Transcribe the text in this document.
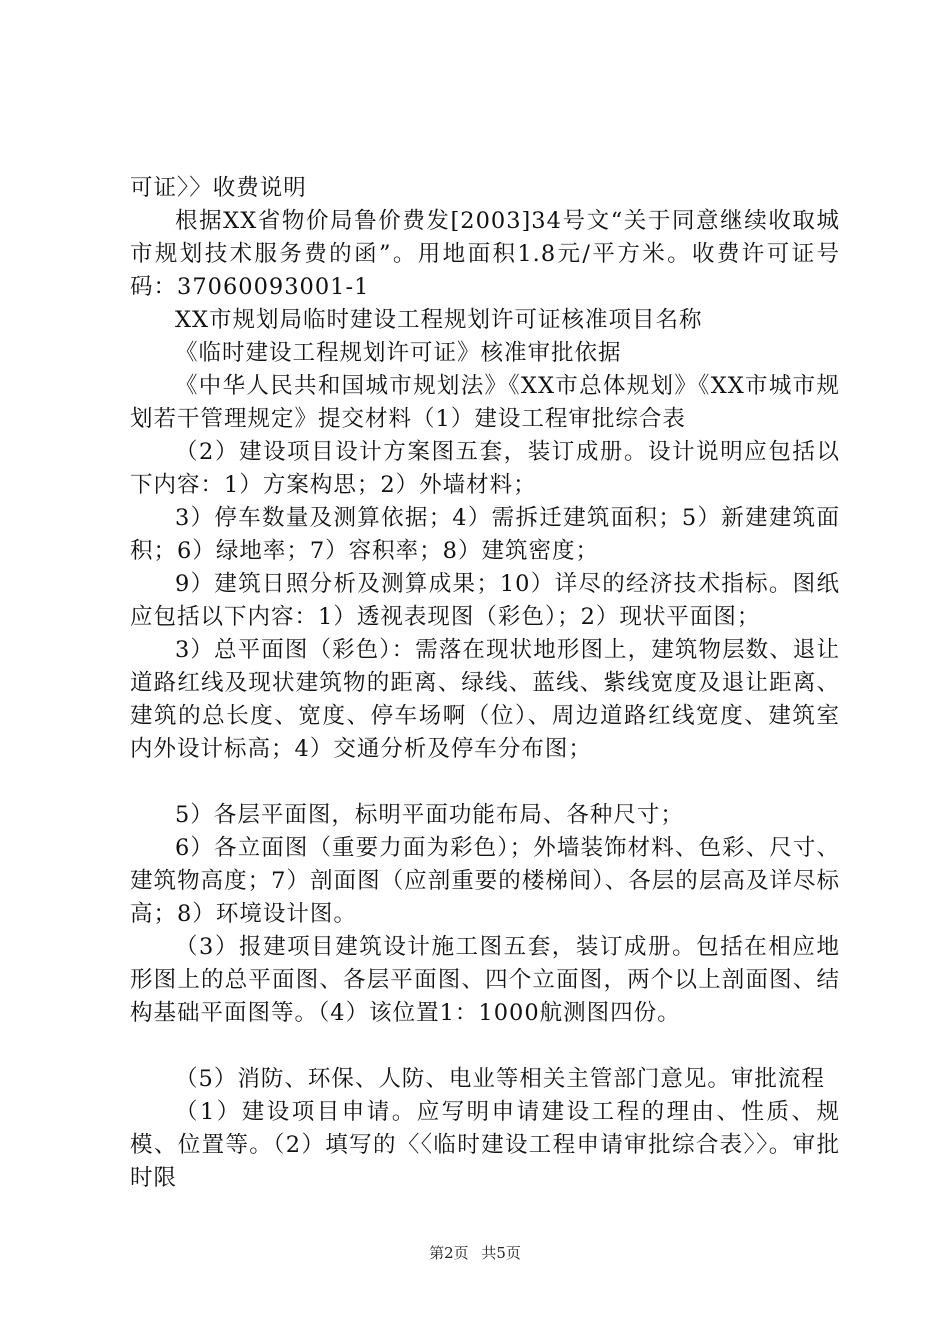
可证〉〉收费说明

根据XX省物价局鲁价费发[2003]34号文“关于同意继续收取城市规划技术服务费的函”。用地面积1.8元/平方米。收费许可证号码：37060093001-1

XX市规划局临时建设工程规划许可证核准项目名称

《临时建设工程规划许可证》核准审批依据

《中华人民共和国城市规划法》《XX市总体规划》《XX市城市规划若干管理规定》提交材料（1）建设工程审批综合表

（2）建设项目设计方案图五套，装订成册。设计说明应包括以下内容：1）方案构思；2）外墙材料；

3）停车数量及测算依据；4）需拆迁建筑面积；5）新建建筑面积；6）绿地率；7）容积率；8）建筑密度；

9）建筑日照分析及测算成果；10）详尽的经济技术指标。图纸应包括以下内容：1）透视表现图（彩色）；2）现状平面图；

3）总平面图（彩色）：需落在现状地形图上，建筑物层数、退让道路红线及现状建筑物的距离、绿线、蓝线、紫线宽度及退让距离、建筑的总长度、宽度、停车场啊（位）、周边道路红线宽度、建筑室内外设计标高；4）交通分析及停车分布图；

5）各层平面图，标明平面功能布局、各种尺寸；

6）各立面图（重要力面为彩色）；外墙装饰材料、色彩、尺寸、建筑物高度；7）剖面图（应剖重要的楼梯间）、各层的层高及详尽标高；8）环境设计图。

（3）报建项目建筑设计施工图五套，装订成册。包括在相应地形图上的总平面图、各层平面图、四个立面图，两个以上剖面图、结构基础平面图等。（4）该位置1：1000航测图四份。

（5）消防、环保、人防、电业等相关主管部门意见。审批流程

（1）建设项目申请。应写明申请建设工程的理由、性质、规模、位置等。（2）填写的〈〈临时建设工程申请审批综合表〉〉。审批时限

第2页 共5页
